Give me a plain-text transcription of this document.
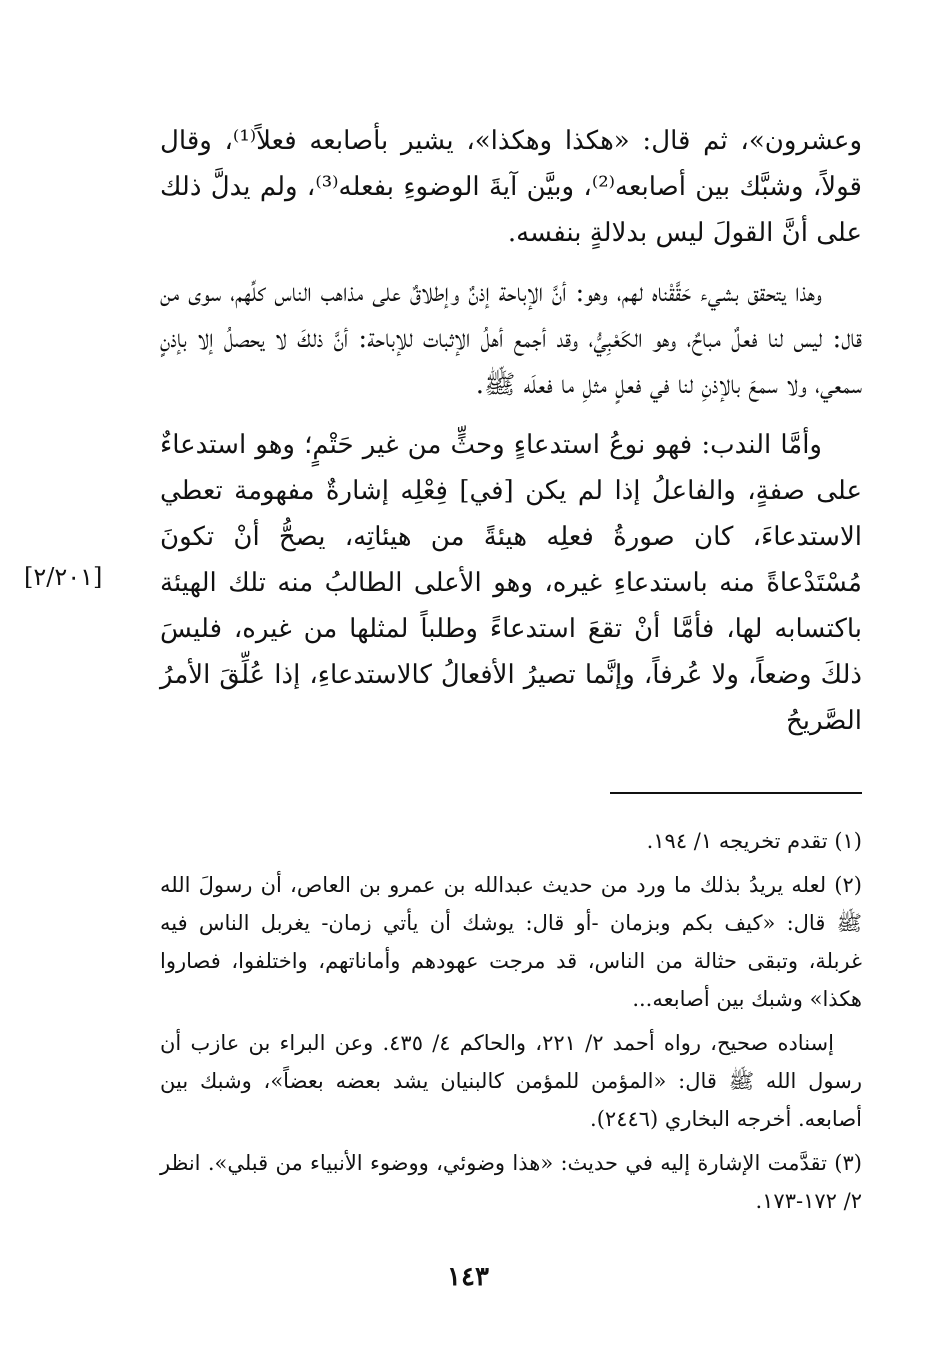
وعشرون»، ثم قال: «هكذا وهكذا»، يشير بأصابعه فعلاً⁽¹⁾، وقال قولاً، وشبَّك بين أصابعه⁽²⁾، وبيَّن آيةَ الوضوءِ بفعله⁽³⁾، ولم يدلَّ ذلك على أنَّ القولَ ليس بدلالةٍ بنفسه.

وهذا يتحقق بشيء حَقَّقْناه لهم، وهو: أنَّ الإباحة إذنٌ وإطلاقٌ على مذاهب الناس كلِّهم، سوى من قال: ليس لنا فعلٌ مباحٌ، وهو الكَعْبِيُّ، وقد أجمع أهلُ الإثبات للإباحة: أنَّ ذلكَ لا يحصلُ إلا بإذنٍ سمعي، ولا سمعَ بالإذنِ لنا في فعلٍ مثلِ ما فعلَه ﷺ.

وأمَّا الندب: فهو نوعُ استدعاءٍ وحثٍّ من غير حَتْمٍ؛ وهو استدعاءٌ على صفةٍ، والفاعلُ إذا لم يكن [في] فِعْلِه إشارةٌ مفهومة تعطي الاستدعاءَ، كان صورةُ فعلِه هيئةً من هيئاتِه، يصحُّ أنْ تكونَ مُسْتَدْعاةً منه باستدعاءِ غيره، وهو الأعلى الطالبُ منه تلك الهيئة باكتسابه لها، فأمَّا أنْ تقعَ استدعاءً وطلباً لمثلها من غيره، فليسَ ذلكَ وضعاً، ولا عُرفاً، وإنَّما تصيرُ الأفعالُ كالاستدعاءِ، إذا عُلِّقَ الأمرُ الصَّريحُ

[٢/٢٠١]

(١) تقدم تخريجه ١/ ١٩٤.

(٢) لعله يريدُ بذلك ما ورد من حديث عبدالله بن عمرو بن العاص، أن رسولَ الله ﷺ قال: «كيف بكم وبزمان -أو قال: يوشك أن يأتي زمان- يغربل الناس فيه غربلة، وتبقى حثالة من الناس، قد مرجت عهودهم وأماناتهم، واختلفوا، فصاروا هكذا» وشبك بين أصابعه...

إسناده صحيح، رواه أحمد ٢/ ٢٢١، والحاكم ٤/ ٤٣٥. وعن البراء بن عازب أن رسول الله ﷺ قال: «المؤمن للمؤمن كالبنيان يشد بعضه بعضاً»، وشبك بين أصابعه. أخرجه البخاري (٢٤٤٦).

(٣) تقدَّمت الإشارة إليه في حديث: «هذا وضوئي، ووضوء الأنبياء من قبلي». انظر ٢/ ١٧٢-١٧٣.

١٤٣
